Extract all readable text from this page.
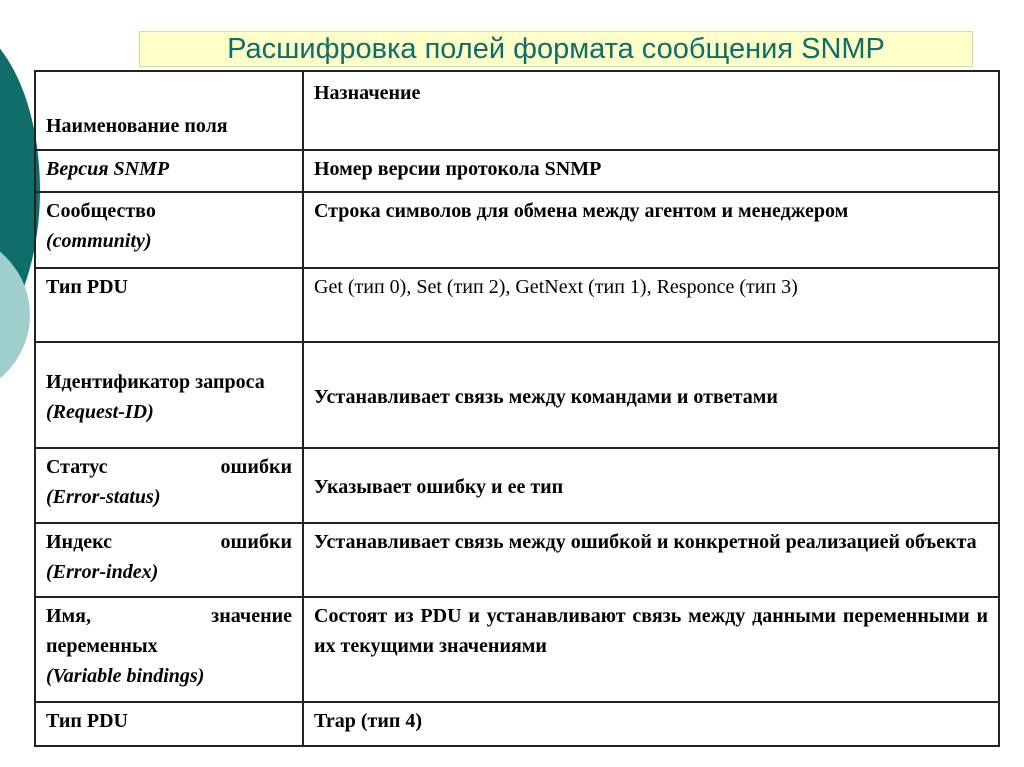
Расшифровка полей формата сообщения SNMP
Наименование поля	Назначение
Версия SNMP	Номер версии протокола SNMP

Сообщество
(community)	Строка символов для обмена между агентом и менеджером
Тип PDU	Get (тип 0), Set (тип 2), GetNext (тип 1), Responce (тип 3)

Идентификатор запроса
(Request-ID)	Устанавливает связь между командами и ответами

Статус ошибки
(Error-status)	Указывает ошибку и ее тип

Индекс ошибки
(Error-index)	Устанавливает связь между ошибкой и конкретной реализацией объекта
Имя, значение переменных
(Variable bindings)	Состоят из PDU и устанавливают связь между данными переменными и их текущими значениями
Тип PDU	Trap (тип 4)
